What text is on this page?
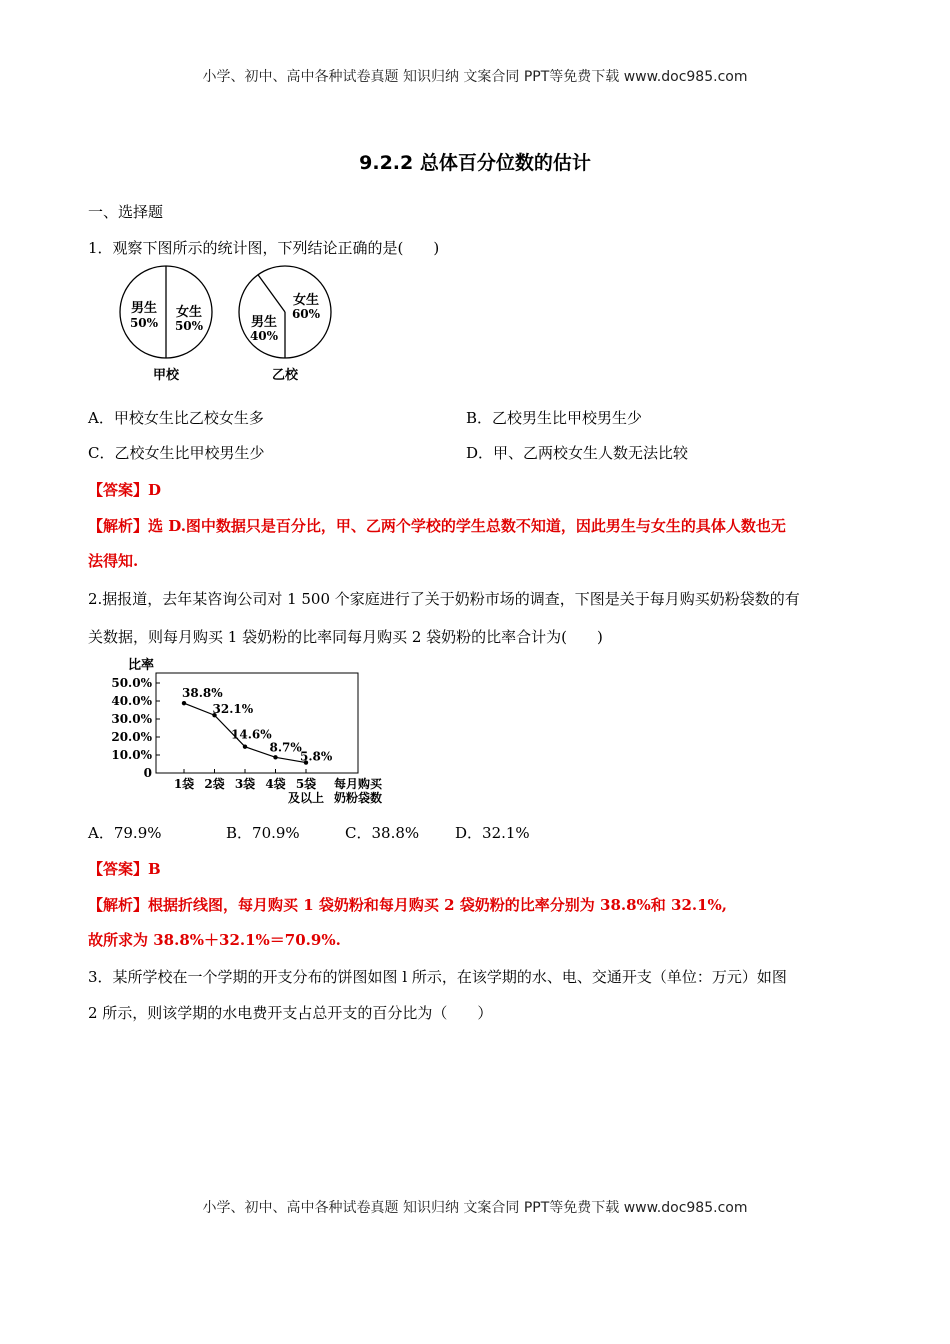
小学、初中、高中各种试卷真题 知识归纳 文案合同 PPT等免费下载 www.doc985.com
9.2.2 总体百分位数的估计
一、选择题
1．观察下图所示的统计图，下列结论正确的是(　　)
男生
50%
女生
50%
甲校
男生
40%
女生
60%
乙校
A．甲校女生比乙校女生多	B．乙校男生比甲校男生少
C．乙校女生比甲校男生少	D．甲、乙两校女生人数无法比较
【答案】D
【解析】选 D.图中数据只是百分比，甲、乙两个学校的学生总数不知道，因此男生与女生的具体人数也无
法得知.
2.据报道，去年某咨询公司对 1 500 个家庭进行了关于奶粉市场的调查，下图是关于每月购买奶粉袋数的有
关数据，则每月购买 1 袋奶粉的比率同每月购买 2 袋奶粉的比率合计为(　　)
比率
0
10.0%
20.0%
30.0%
40.0%
50.0%
1袋 2袋 3袋 4袋 5袋
及以上
38.8%
32.1%
14.6%
8.7%
5.8%
每月购买
奶粉袋数
A．79.9%	B．70.9%	C．38.8% D．32.1%
【答案】B
【解析】根据折线图，每月购买 1 袋奶粉和每月购买 2 袋奶粉的比率分别为 38.8%和 32.1%,
故所求为 38.8%＋32.1%＝70.9%.
3．某所学校在一个学期的开支分布的饼图如图 l 所示，在该学期的水、电、交通开支（单位：万元）如图
2 所示，则该学期的水电费开支占总开支的百分比为（　　）
小学、初中、高中各种试卷真题 知识归纳 文案合同 PPT等免费下载 www.doc985.com
